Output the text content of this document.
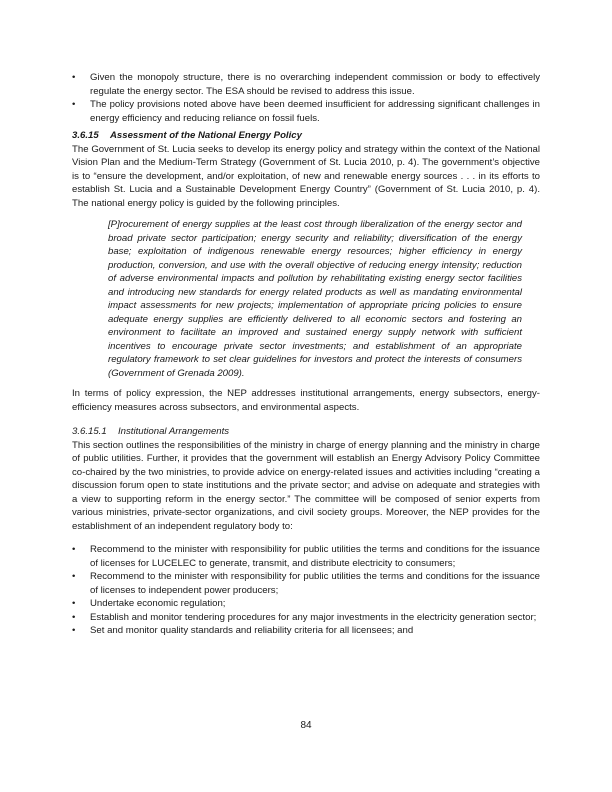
• Given the monopoly structure, there is no overarching independent commission or body to effectively regulate the energy sector. The ESA should be revised to address this issue.
• The policy provisions noted above have been deemed insufficient for addressing significant challenges in energy efficiency and reducing reliance on fossil fuels.
3.6.15 Assessment of the National Energy Policy

The Government of St. Lucia seeks to develop its energy policy and strategy within the context of the National Vision Plan and the Medium-Term Strategy (Government of St. Lucia 2010, p. 4). The government’s objective is to “ensure the development, and/or exploitation, of new and renewable energy sources . . . in its efforts to establish St. Lucia and a Sustainable Development Energy Country” (Government of St. Lucia 2010, p. 4). The national energy policy is guided by the following principles.

[P]rocurement of energy supplies at the least cost through liberalization of the energy sector and broad private sector participation; energy security and reliability; diversification of the energy base; exploitation of indigenous renewable energy resources; higher efficiency in energy production, conversion, and use with the overall objective of reducing energy intensity; reduction of adverse environmental impacts and pollution by rehabilitating existing energy sector facilities and introducing new standards for energy related products as well as mandating environmental impact assessments for new projects; implementation of appropriate pricing policies to ensure adequate energy supplies are efficiently delivered to all economic sectors and fostering an environment to facilitate an improved and sustained energy supply network with sufficient incentives to encourage private sector investments; and establishment of an appropriate regulatory framework to set clear guidelines for investors and protect the interests of consumers (Government of Grenada 2009).

In terms of policy expression, the NEP addresses institutional arrangements, energy subsectors, energy-efficiency measures across subsectors, and environmental aspects.

3.6.15.1 Institutional Arrangements

This section outlines the responsibilities of the ministry in charge of energy planning and the ministry in charge of public utilities. Further, it provides that the government will establish an Energy Advisory Policy Committee co-chaired by the two ministries, to provide advice on energy-related issues and activities including “creating a discussion forum open to state institutions and the private sector; and advise on adequate and strategies with a view to supporting reform in the energy sector.” The committee will be composed of senior experts from various ministries, private-sector organizations, and civil society groups. Moreover, the NEP provides for the establishment of an independent regulatory body to:

• Recommend to the minister with responsibility for public utilities the terms and conditions for the issuance of licenses for LUCELEC to generate, transmit, and distribute electricity to consumers;
• Recommend to the minister with responsibility for public utilities the terms and conditions for the issuance of licenses to independent power producers;
• Undertake economic regulation;
• Establish and monitor tendering procedures for any major investments in the electricity generation sector;
• Set and monitor quality standards and reliability criteria for all licensees; and
84
